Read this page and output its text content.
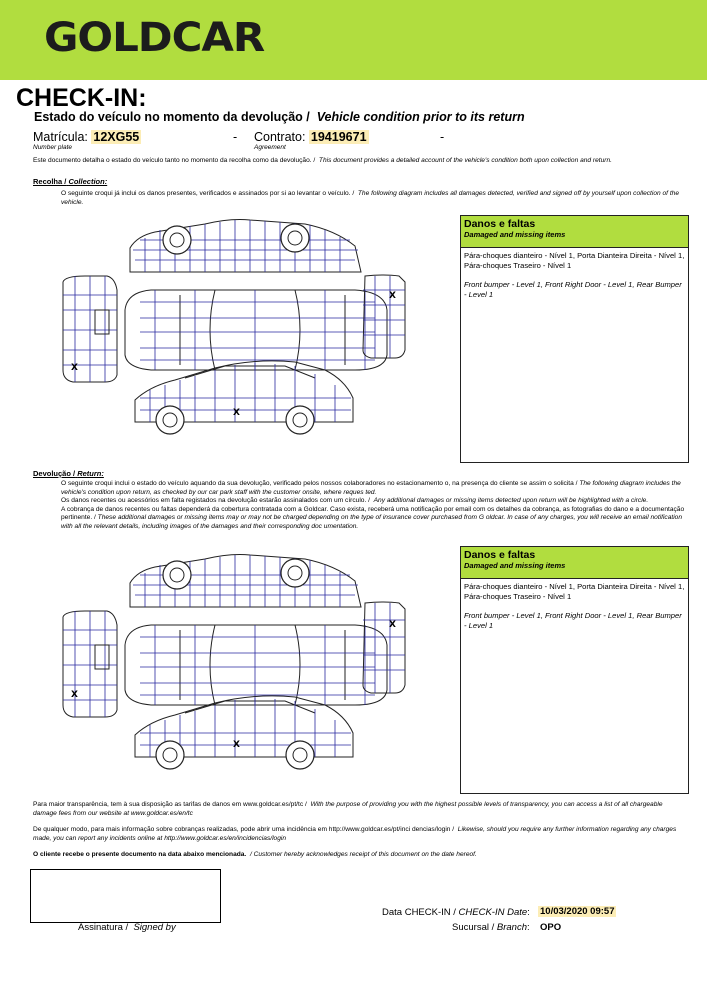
GOLDCAR
CHECK-IN:
Estado do veículo no momento da devolução / Vehicle condition prior to its return
Matrícula: 12XG55
Number plate
- Contrato: 19419671
Agreement
-
Este documento detalha o estado do veículo tanto no momento da recolha como da devolução. / This document provides a detailed account of the vehicle's condition both upon collection and return.
Recolha / Collection:
O seguinte croqui já inclui os danos presentes, verificados e assinados por si ao levantar o veículo. / The following diagram includes all damages detected, verified and signed off by yourself upon collection of the vehicle.
X
X
X
Danos e faltas
Damaged and missing items
Pára-choques dianteiro - Nível 1, Porta Dianteira Direita - Nível 1, Pára-choques Traseiro - Nível 1
Front bumper - Level 1, Front Right Door - Level 1, Rear Bumper - Level 1
Devolução / Return:
O seguinte croqui inclui o estado do veículo aquando da sua devolução, verificado pelos nossos colaboradores no estacionamento o, na presença do cliente se assim o solicita / The following diagram includes the vehicle's condition upon return, as checked by our car park staff with the customer onsite, where reques ted.
Os danos recentes ou acessórios em falta registados na devolução estarão assinalados com um círculo. / Any additional damages or missing items detected upon return will be highlighted with a circle.
A cobrança de danos recentes ou faltas dependerá da cobertura contratada com a Goldcar. Caso exista, receberá uma notificação por email com os detalhes da cobrança, as fotografias do dano e a documentação pertinente. / These additional damages or missing items may or may not be charged depending on the type of insurance cover purchased from G oldcar. In case of any charges, you will receive an email notification with all the relevant details, including images of the damages and their corresponding doc umentation.
X
X
X
Danos e faltas
Damaged and missing items
Pára-choques dianteiro - Nível 1, Porta Dianteira Direita - Nível 1, Pára-choques Traseiro - Nível 1
Front bumper - Level 1, Front Right Door - Level 1, Rear Bumper - Level 1
Para maior transparência, tem à sua disposição as tarifas de danos em www.goldcar.es/pt/tc / With the purpose of providing you with the highest possible levels of transparency, you can access a list of all chargeable damage fees from our website at www.goldcar.es/en/tc
De qualquer modo, para mais informação sobre cobranças realizadas, pode abrir uma incidência em http://www.goldcar.es/pt/inci dencias/login / Likewise, should you require any further information regarding any charges made, you can report any incidents online at http://www.goldcar.es/en/incidencias/login
O cliente recebe o presente documento na data abaixo mencionada. / Customer hereby acknowledges receipt of this document on the date hereof.
Assinatura / Signed by
Data CHECK-IN / CHECK-IN Date: 10/03/2020 09:57
Sucursal / Branch: OPO
